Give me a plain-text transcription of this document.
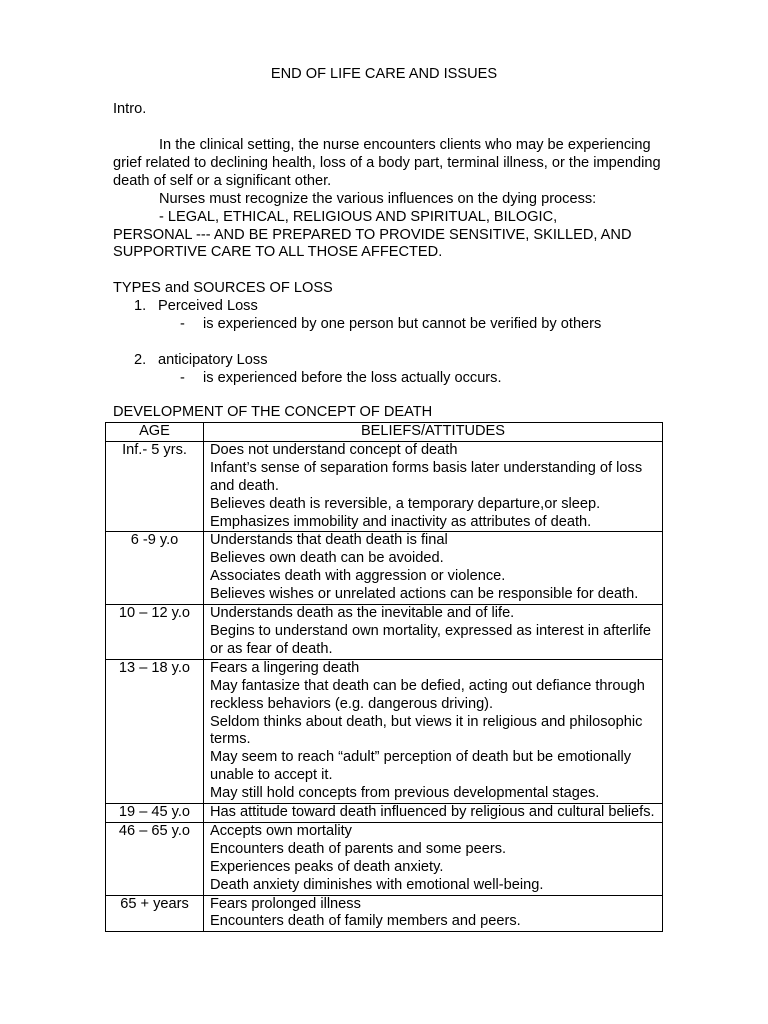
END OF LIFE CARE AND ISSUES
Intro.

In the clinical setting, the nurse encounters clients who may be experiencing grief related to declining health, loss of a body part, terminal illness, or the impending death of self or a significant other.

Nurses must recognize the various influences on the dying process:

- LEGAL, ETHICAL, RELIGIOUS AND SPIRITUAL, BILOGIC,

PERSONAL --- AND BE PREPARED TO PROVIDE SENSITIVE, SKILLED, AND SUPPORTIVE CARE TO ALL THOSE AFFECTED.

TYPES and SOURCES OF LOSS
1. Perceived Loss
- is experienced by one person but cannot be verified by others
2. anticipatory Loss
- is experienced before the loss actually occurs.
DEVELOPMENT OF THE CONCEPT OF DEATH
AGE	BELIEFS/ATTITUDES
Inf.- 5 yrs.	Does not understand concept of death
Infant’s sense of separation forms basis later understanding of loss and death.
Believes death is reversible, a temporary departure,or sleep.
Emphasizes immobility and inactivity as attributes of death.

6 -9 y.o	Understands that death death is final
Believes own death can be avoided.
Associates death with aggression or violence.
Believes wishes or unrelated actions can be responsible for death.

10 – 12 y.o	Understands death as the inevitable and of life.
Begins to understand own mortality, expressed as interest in afterlife or as fear of death.

13 – 18 y.o	Fears a lingering death
May fantasize that death can be defied, acting out defiance through reckless behaviors (e.g. dangerous driving).
Seldom thinks about death, but views it in religious and philosophic terms.
May seem to reach “adult” perception of death but be emotionally unable to accept it.
May still hold concepts from previous developmental stages.

19 – 45 y.o	Has attitude toward death influenced by religious and cultural beliefs.

46 – 65 y.o	Accepts own mortality
Encounters death of parents and some peers.
Experiences peaks of death anxiety.
Death anxiety diminishes with emotional well-being.

65 + years	Fears prolonged illness
Encounters death of family members and peers.
